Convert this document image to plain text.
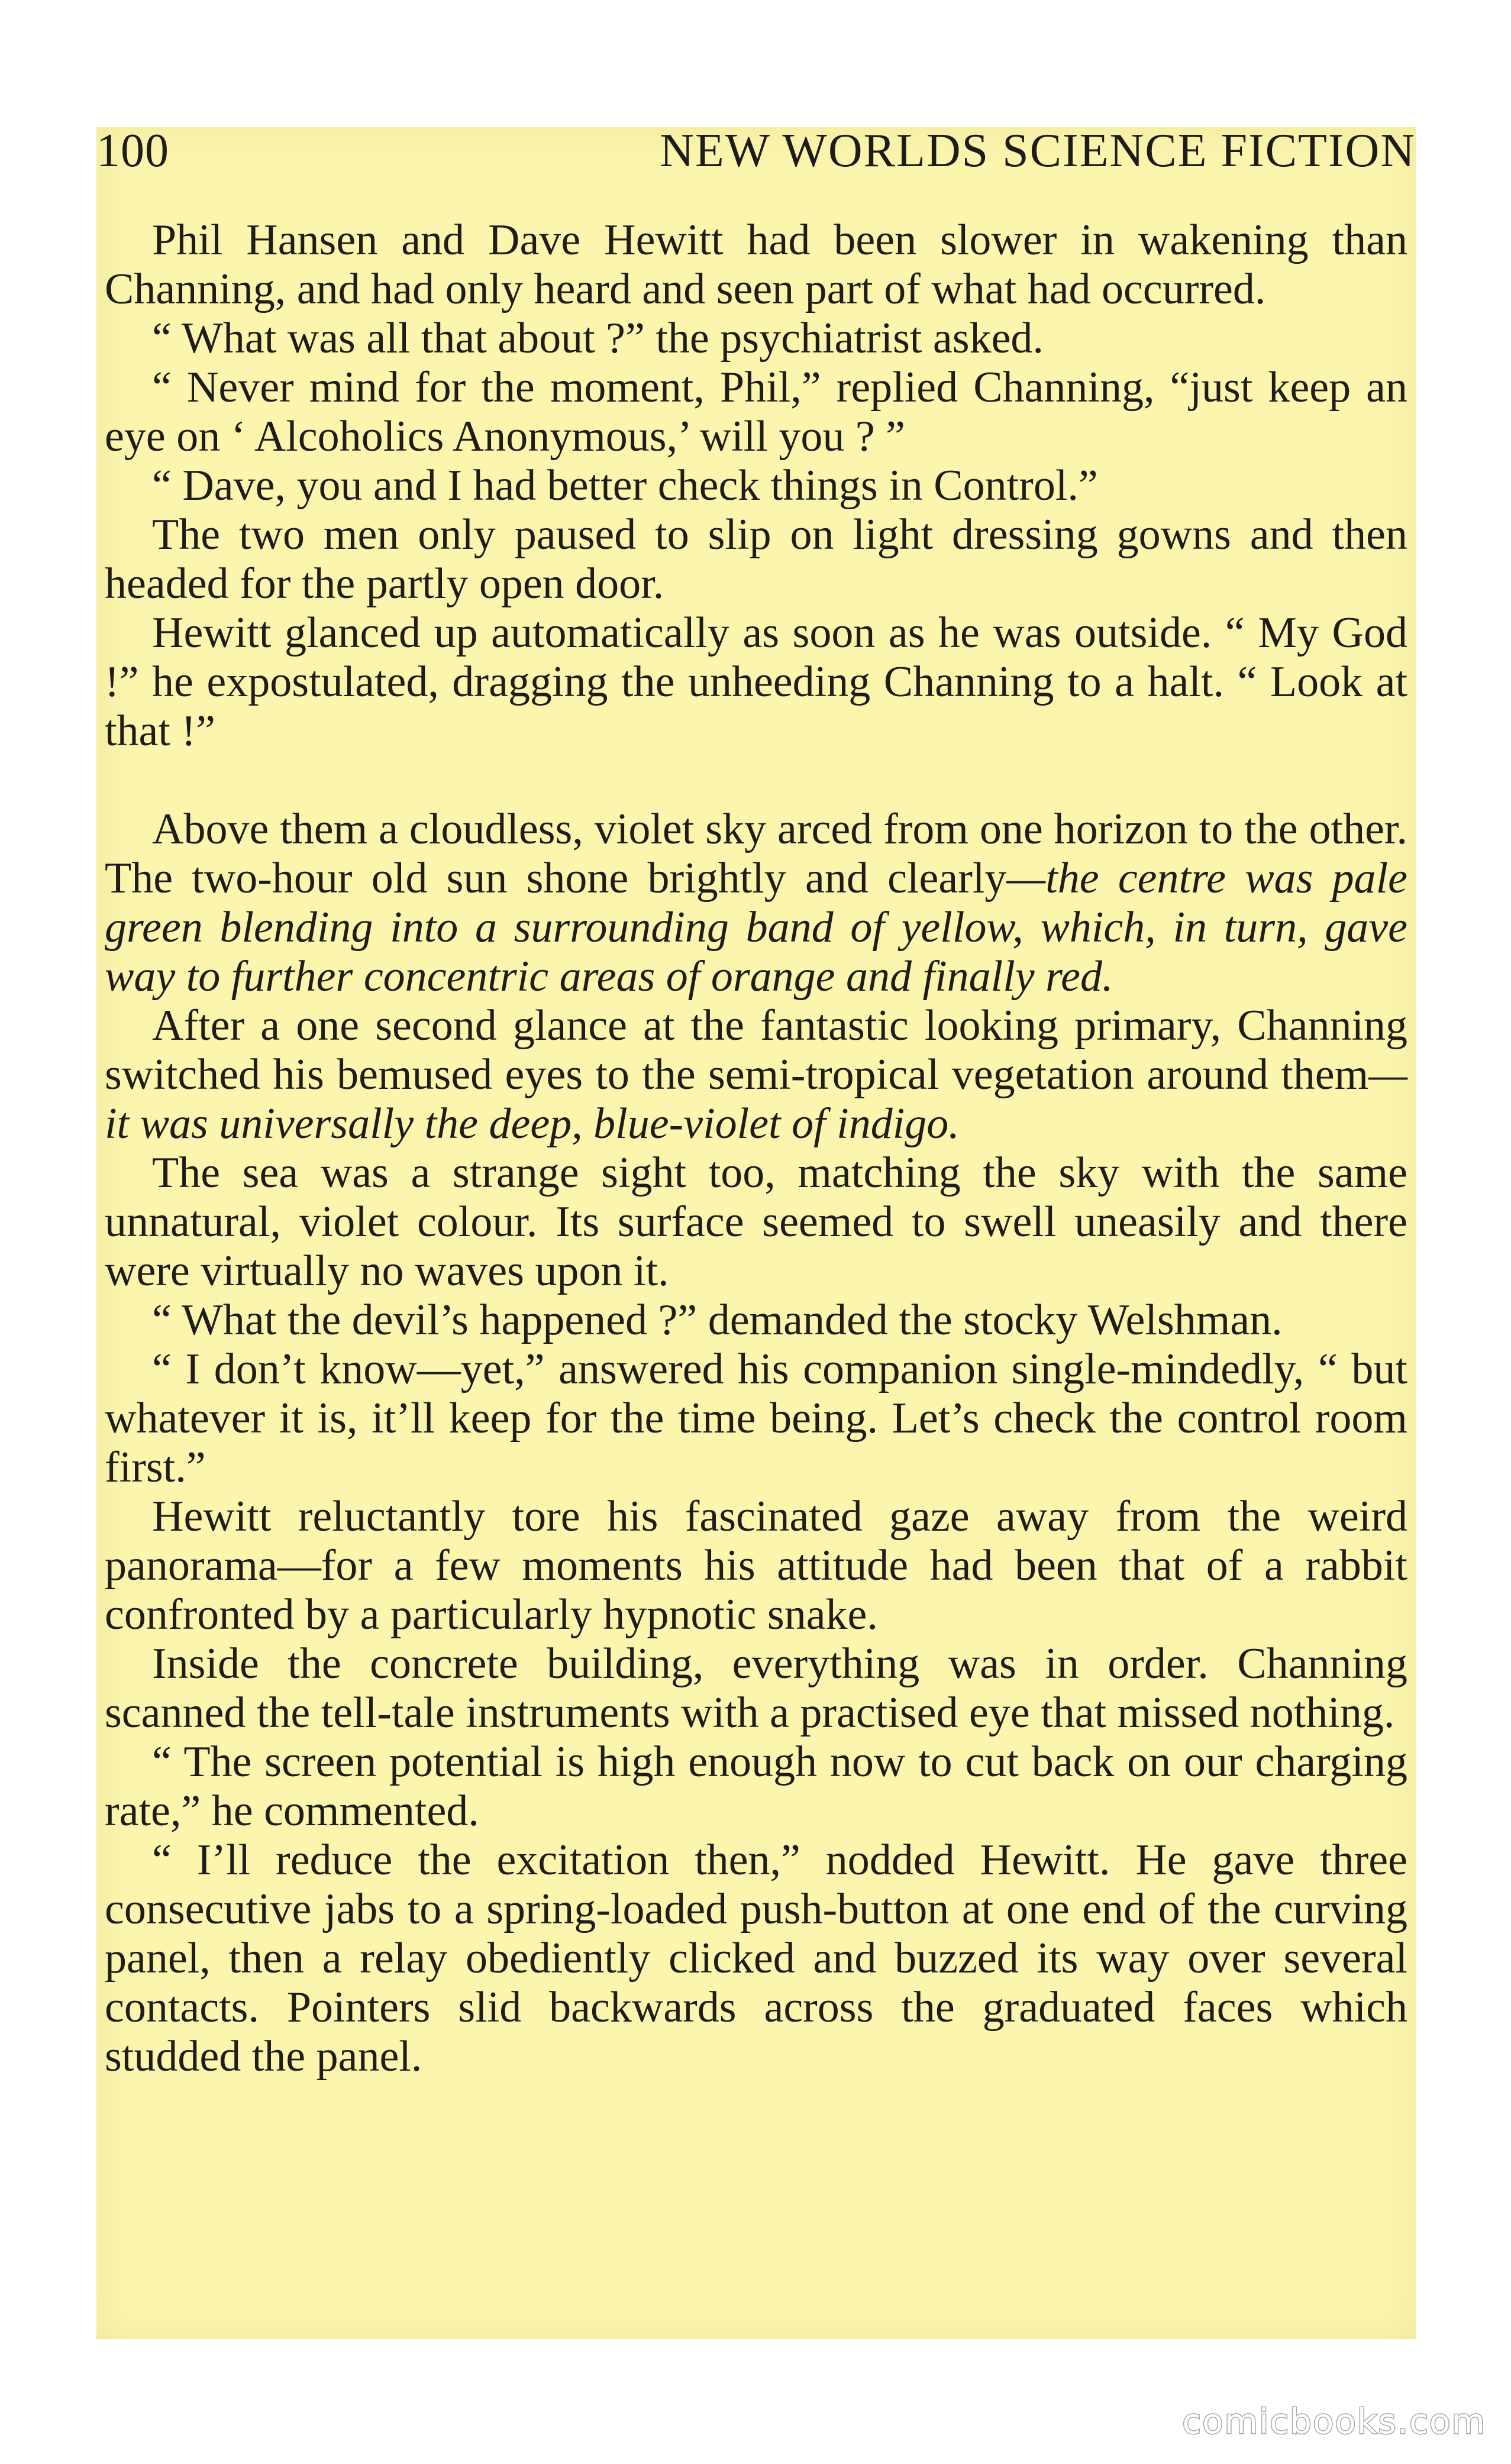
100	NEW WORLDS SCIENCE FICTION

Phil Hansen and Dave Hewitt had been slower in wakening than Channing, and had only heard and seen part of what had occurred.

“ What was all that about ?” the psychiatrist asked.

“ Never mind for the moment, Phil,” replied Channing, “just keep an eye on ‘ Alcoholics Anonymous,’ will you ? ”

“ Dave, you and I had better check things in Control.”

The two men only paused to slip on light dressing gowns and then headed for the partly open door.

Hewitt glanced up automatically as soon as he was outside. “ My God !” he expostulated, dragging the unheeding Channing to a halt. “ Look at that !”

Above them a cloudless, violet sky arced from one horizon to the other. The two-hour old sun shone brightly and clearly—the centre was pale green blending into a surrounding band of yellow, which, in turn, gave way to further concentric areas of orange and finally red.

After a one second glance at the fantastic looking primary, Channing switched his bemused eyes to the semi-tropical vegetation around them—it was universally the deep, blue-violet of indigo.

The sea was a strange sight too, matching the sky with the same unnatural, violet colour. Its surface seemed to swell uneasily and there were virtually no waves upon it.

“ What the devil’s happened ?” demanded the stocky Welshman.

“ I don’t know—yet,” answered his companion single-mindedly, “ but whatever it is, it’ll keep for the time being. Let’s check the control room first.”

Hewitt reluctantly tore his fascinated gaze away from the weird panorama—for a few moments his attitude had been that of a rabbit confronted by a particularly hypnotic snake.

Inside the concrete building, everything was in order. Channing scanned the tell-tale instruments with a practised eye that missed nothing.

“ The screen potential is high enough now to cut back on our charging rate,” he commented.

“ I’ll reduce the excitation then,” nodded Hewitt. He gave three consecutive jabs to a spring-loaded push-button at one end of the curving panel, then a relay obediently clicked and buzzed its way over several contacts. Pointers slid backwards across the graduated faces which studded the panel.

comicbooks.com
